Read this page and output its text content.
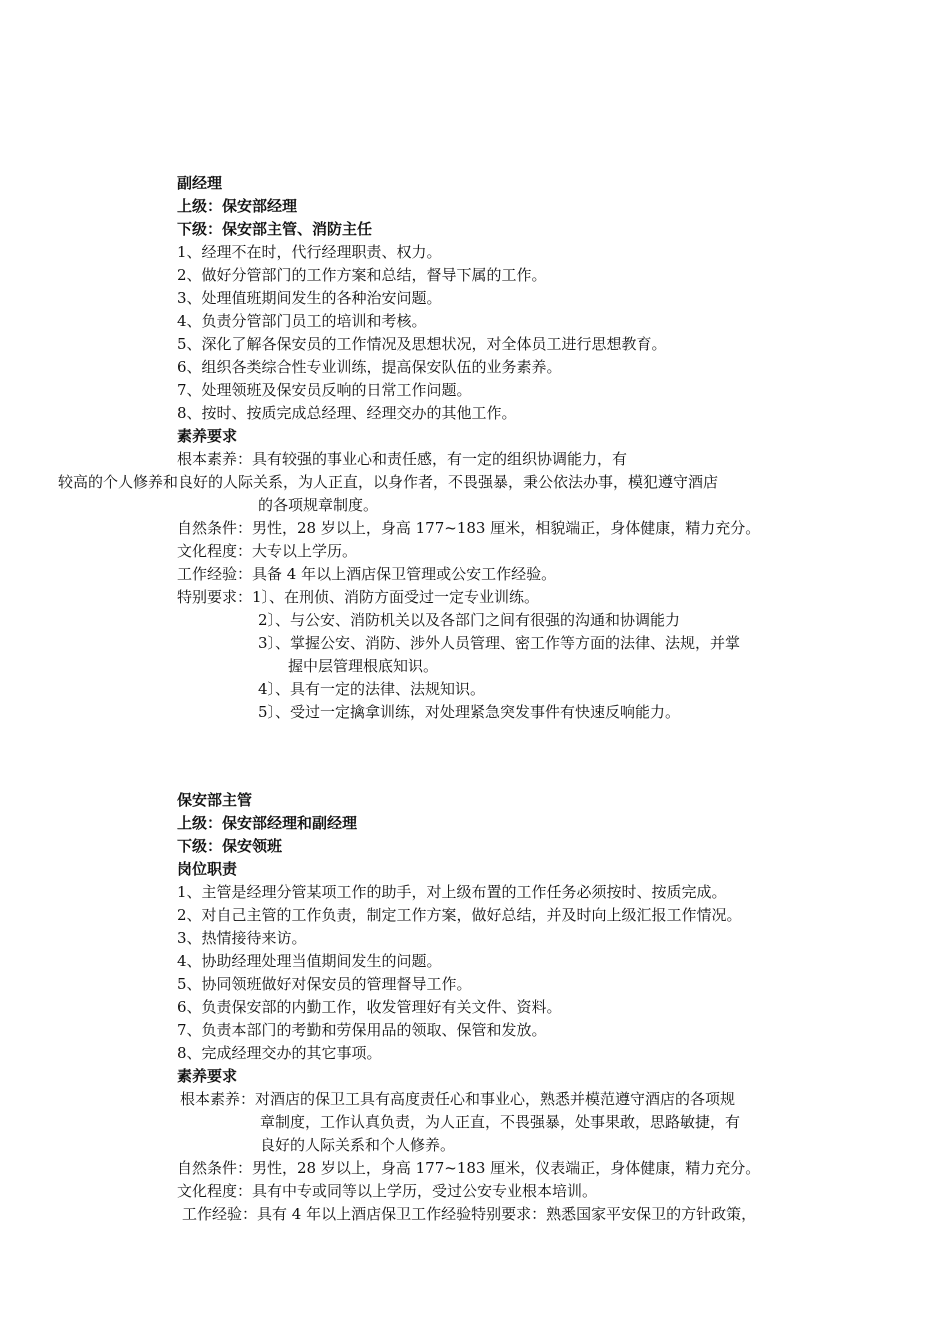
副经理
上级：保安部经理
下级：保安部主管、消防主任
1、经理不在时，代行经理职责、权力。
2、做好分管部门的工作方案和总结，督导下属的工作。
3、处理值班期间发生的各种治安问题。
4、负责分管部门员工的培训和考核。
5、深化了解各保安员的工作情况及思想状况，对全体员工进行思想教育。
6、组织各类综合性专业训练，提高保安队伍的业务素养。
7、处理领班及保安员反响的日常工作问题。
8、按时、按质完成总经理、经理交办的其他工作。
素养要求
根本素养：具有较强的事业心和责任感，有一定的组织协调能力，有
较高的个人修养和良好的人际关系，为人正直，以身作者，不畏强暴，秉公依法办事，模犯遵守酒店
的各项规章制度。
自然条件：男性，28 岁以上，身高 177~183 厘米，相貌端正，身体健康，精力充分。
文化程度：大专以上学历。
工作经验：具备 4 年以上酒店保卫管理或公安工作经验。
特别要求：1〕、在刑侦、消防方面受过一定专业训练。
2〕、与公安、消防机关以及各部门之间有很强的沟通和协调能力
3〕、掌握公安、消防、涉外人员管理、密工作等方面的法律、法规，并掌
握中层管理根底知识。
4〕、具有一定的法律、法规知识。
5〕、受过一定擒拿训练，对处理紧急突发事件有快速反响能力。
保安部主管
上级：保安部经理和副经理
下级：保安领班
岗位职责
1、主管是经理分管某项工作的助手，对上级布置的工作任务必须按时、按质完成。
2、对自己主管的工作负责，制定工作方案，做好总结，并及时向上级汇报工作情况。
3、热情接待来访。
4、协助经理处理当值期间发生的问题。
5、协同领班做好对保安员的管理督导工作。
6、负责保安部的内勤工作，收发管理好有关文件、资料。
7、负责本部门的考勤和劳保用品的领取、保管和发放。
8、完成经理交办的其它事项。
素养要求
根本素养：对酒店的保卫工具有高度责任心和事业心，熟悉并模范遵守酒店的各项规
章制度，工作认真负责，为人正直，不畏强暴，处事果敢，思路敏捷，有
良好的人际关系和个人修养。
自然条件：男性，28 岁以上，身高 177~183 厘米，仪表端正，身体健康，精力充分。
文化程度：具有中专或同等以上学历，受过公安专业根本培训。
工作经验：具有 4 年以上酒店保卫工作经验特别要求：熟悉国家平安保卫的方针政策，
